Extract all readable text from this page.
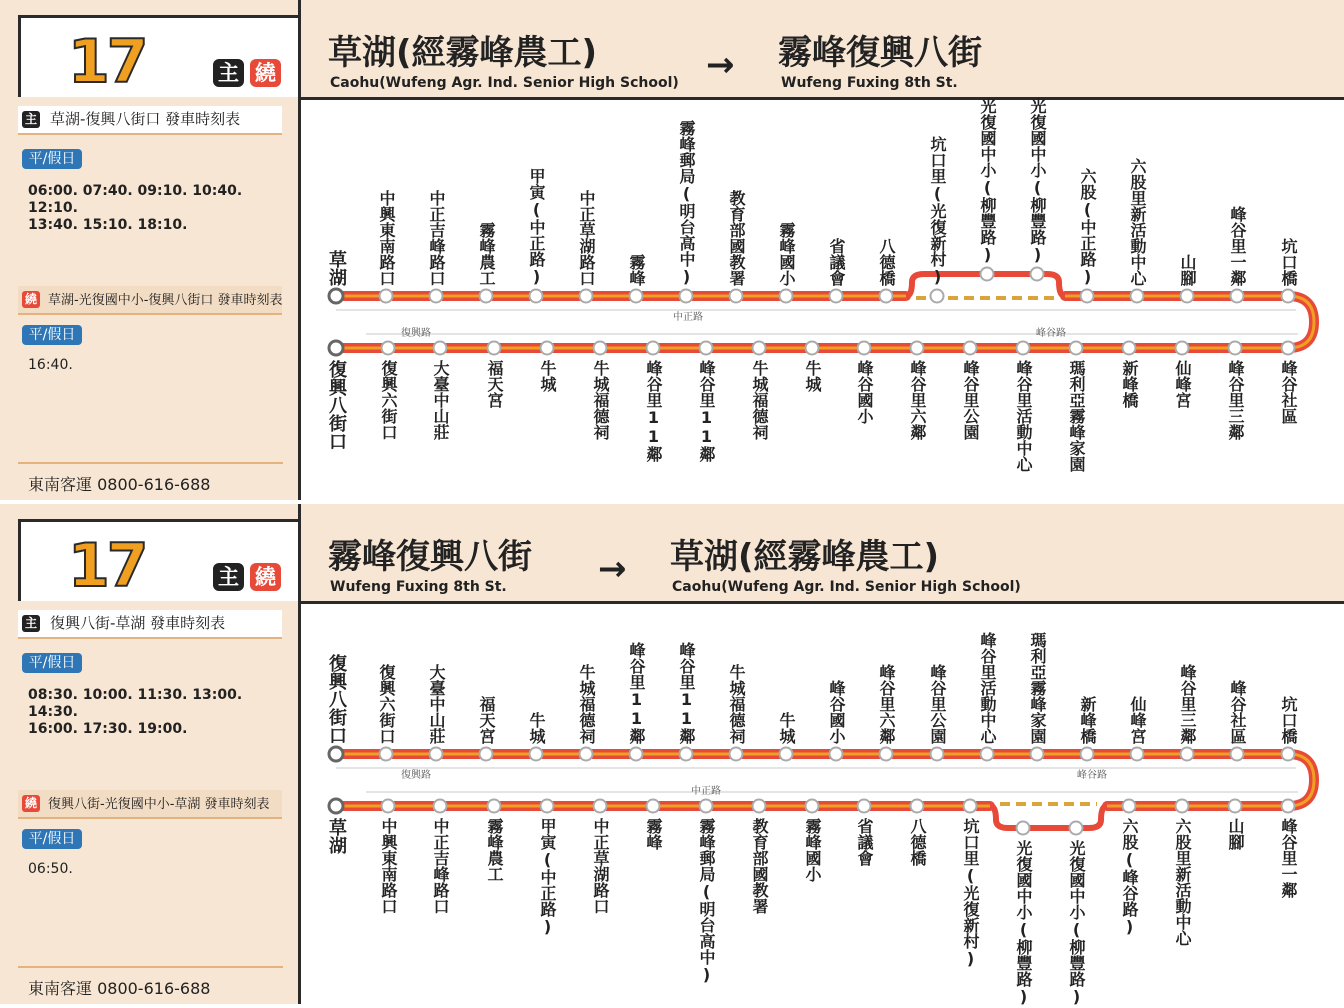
17	主 繞 草湖(經霧峰農工)
Caohu(Wufeng Agr. Ind. Senior High School) → 霧峰復興八街
Wufeng Fuxing 8th St.
主 草湖-復興八街口 發車時刻表
平/假日
06:00. 07:40. 09:10. 10:40. 12:10.
13:40. 15:10. 18:10.
繞 草湖-光復國中小-復興八街口 發車時刻表
平/假日
16:40.
東南客運 0800-616-688
草湖 中興東南路口 中正吉峰路口 霧峰農工 甲寅(中正路) 中正草湖路口 霧峰 霧峰郵局(明台高中) 教育部國教署 霧峰國小 省議會 八德橋 坑口里(光復新村) 光復國中小(柳豐路) 光復國中小(柳豐路) 六股(中正路) 六股里新活動中心 山腳 峰谷里一鄰 坑口橋
復興八街口 復興六街口 大臺中山莊 福天宮 牛城 牛城福德祠 峰谷里11鄰 峰谷里11鄰 牛城福德祠 牛城 峰谷國小 峰谷里六鄰 峰谷里公園 峰谷里活動中心 瑪利亞霧峰家園 新峰橋 仙峰宮 峰谷里三鄰 峰谷社區
中正路
復興路	峰谷路
17	主 繞 霧峰復興八街
Wufeng Fuxing 8th St.	→ 草湖(經霧峰農工)
Caohu(Wufeng Agr. Ind. Senior High School)
主 復興八街-草湖 發車時刻表
平/假日
08:30. 10:00. 11:30. 13:00. 14:30.
16:00. 17:30. 19:00.
繞 復興八街-光復國中小-草湖 發車時刻表
平/假日
06:50.
東南客運 0800-616-688
復興八街口 復興六街口 大臺中山莊 福天宮 牛城 牛城福德祠 峰谷里11鄰 峰谷里11鄰 牛城福德祠 牛城 峰谷國小 峰谷里六鄰 峰谷里公園 峰谷里活動中心 瑪利亞霧峰家園 新峰橋 仙峰宮 峰谷里三鄰 峰谷社區 坑口橋
草湖 中興東南路口 中正吉峰路口 霧峰農工 甲寅(中正路) 中正草湖路口 霧峰 霧峰郵局(明台高中) 教育部國教署 霧峰國小 省議會 八德橋 坑口里(光復新村) 光復國中小(柳豐路) 光復國中小(柳豐路) 六股(峰谷路) 六股里新活動中心 山腳 峰谷里一鄰
復興路	峰谷路
中正路
